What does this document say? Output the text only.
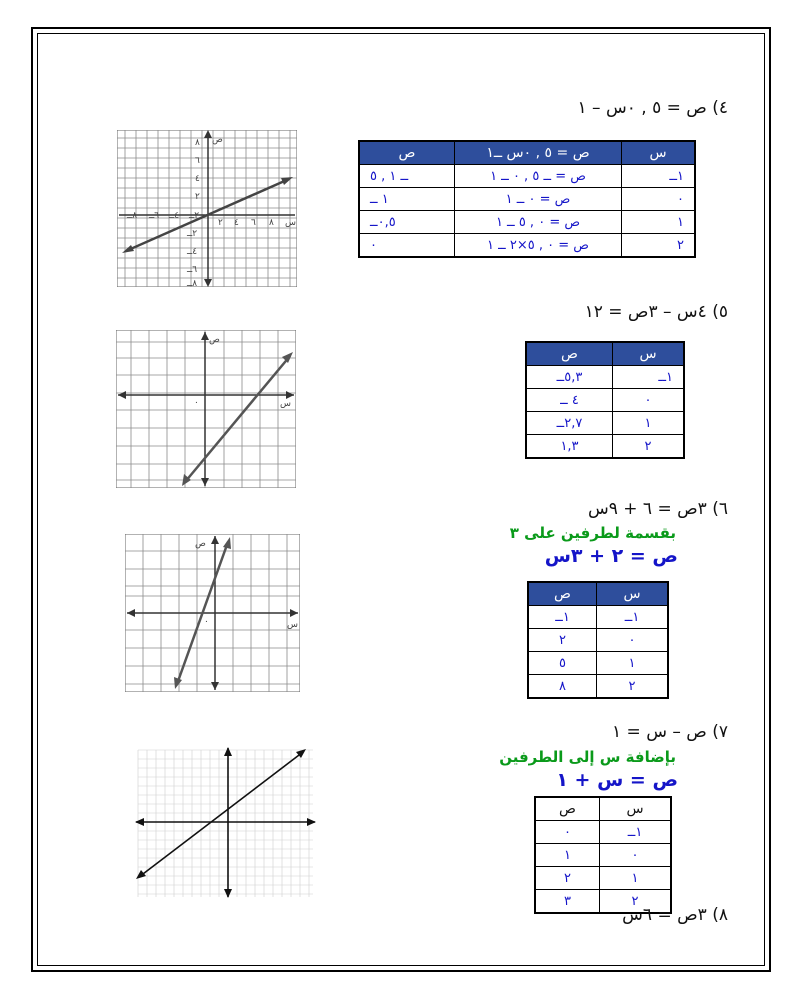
٤) ص = ٥ , ٠س – ١
س	ص = ٥ , ٠س ــ١	ص
١ــ	ص = ــ ٥ , ٠ ــ ١	ــ ١ , ٥
٠	ص = ٠ ــ ١	١ ــ
١	ص = ٠ , ٥ ــ ١	٠,٥ــ
٢	ص = ٠ , ٥×٢ ــ ١	٠
ص
س
٨
٦
٤
٢
٢ــ
٤ــ
٦ــ
٨ــ
٨
٦
٤
٢
٢ــ
٤ــ
٦ــ
٨ــ
٥) ٤س – ٣ص = ١٢
س	ص
١ــ	٥,٣ــ
٠	٤ ــ
١	٢,٧ــ
٢	١,٣
ص
س
٠
٦) ٣ص = ٦ + ٩س
بقسمة لطرفين على ٣
ص = ٢ + ٣س
س	ص
١ــ	١ــ
٠	٢
١	٥
٢	٨
ص
س
٠
٧) ص – س = ١
بإضافة س إلى الطرفين
ص = س + ١
س	ص
١ــ	٠
٠	١
١	٢
٢	٣
٨) ٣ص = ٦س
